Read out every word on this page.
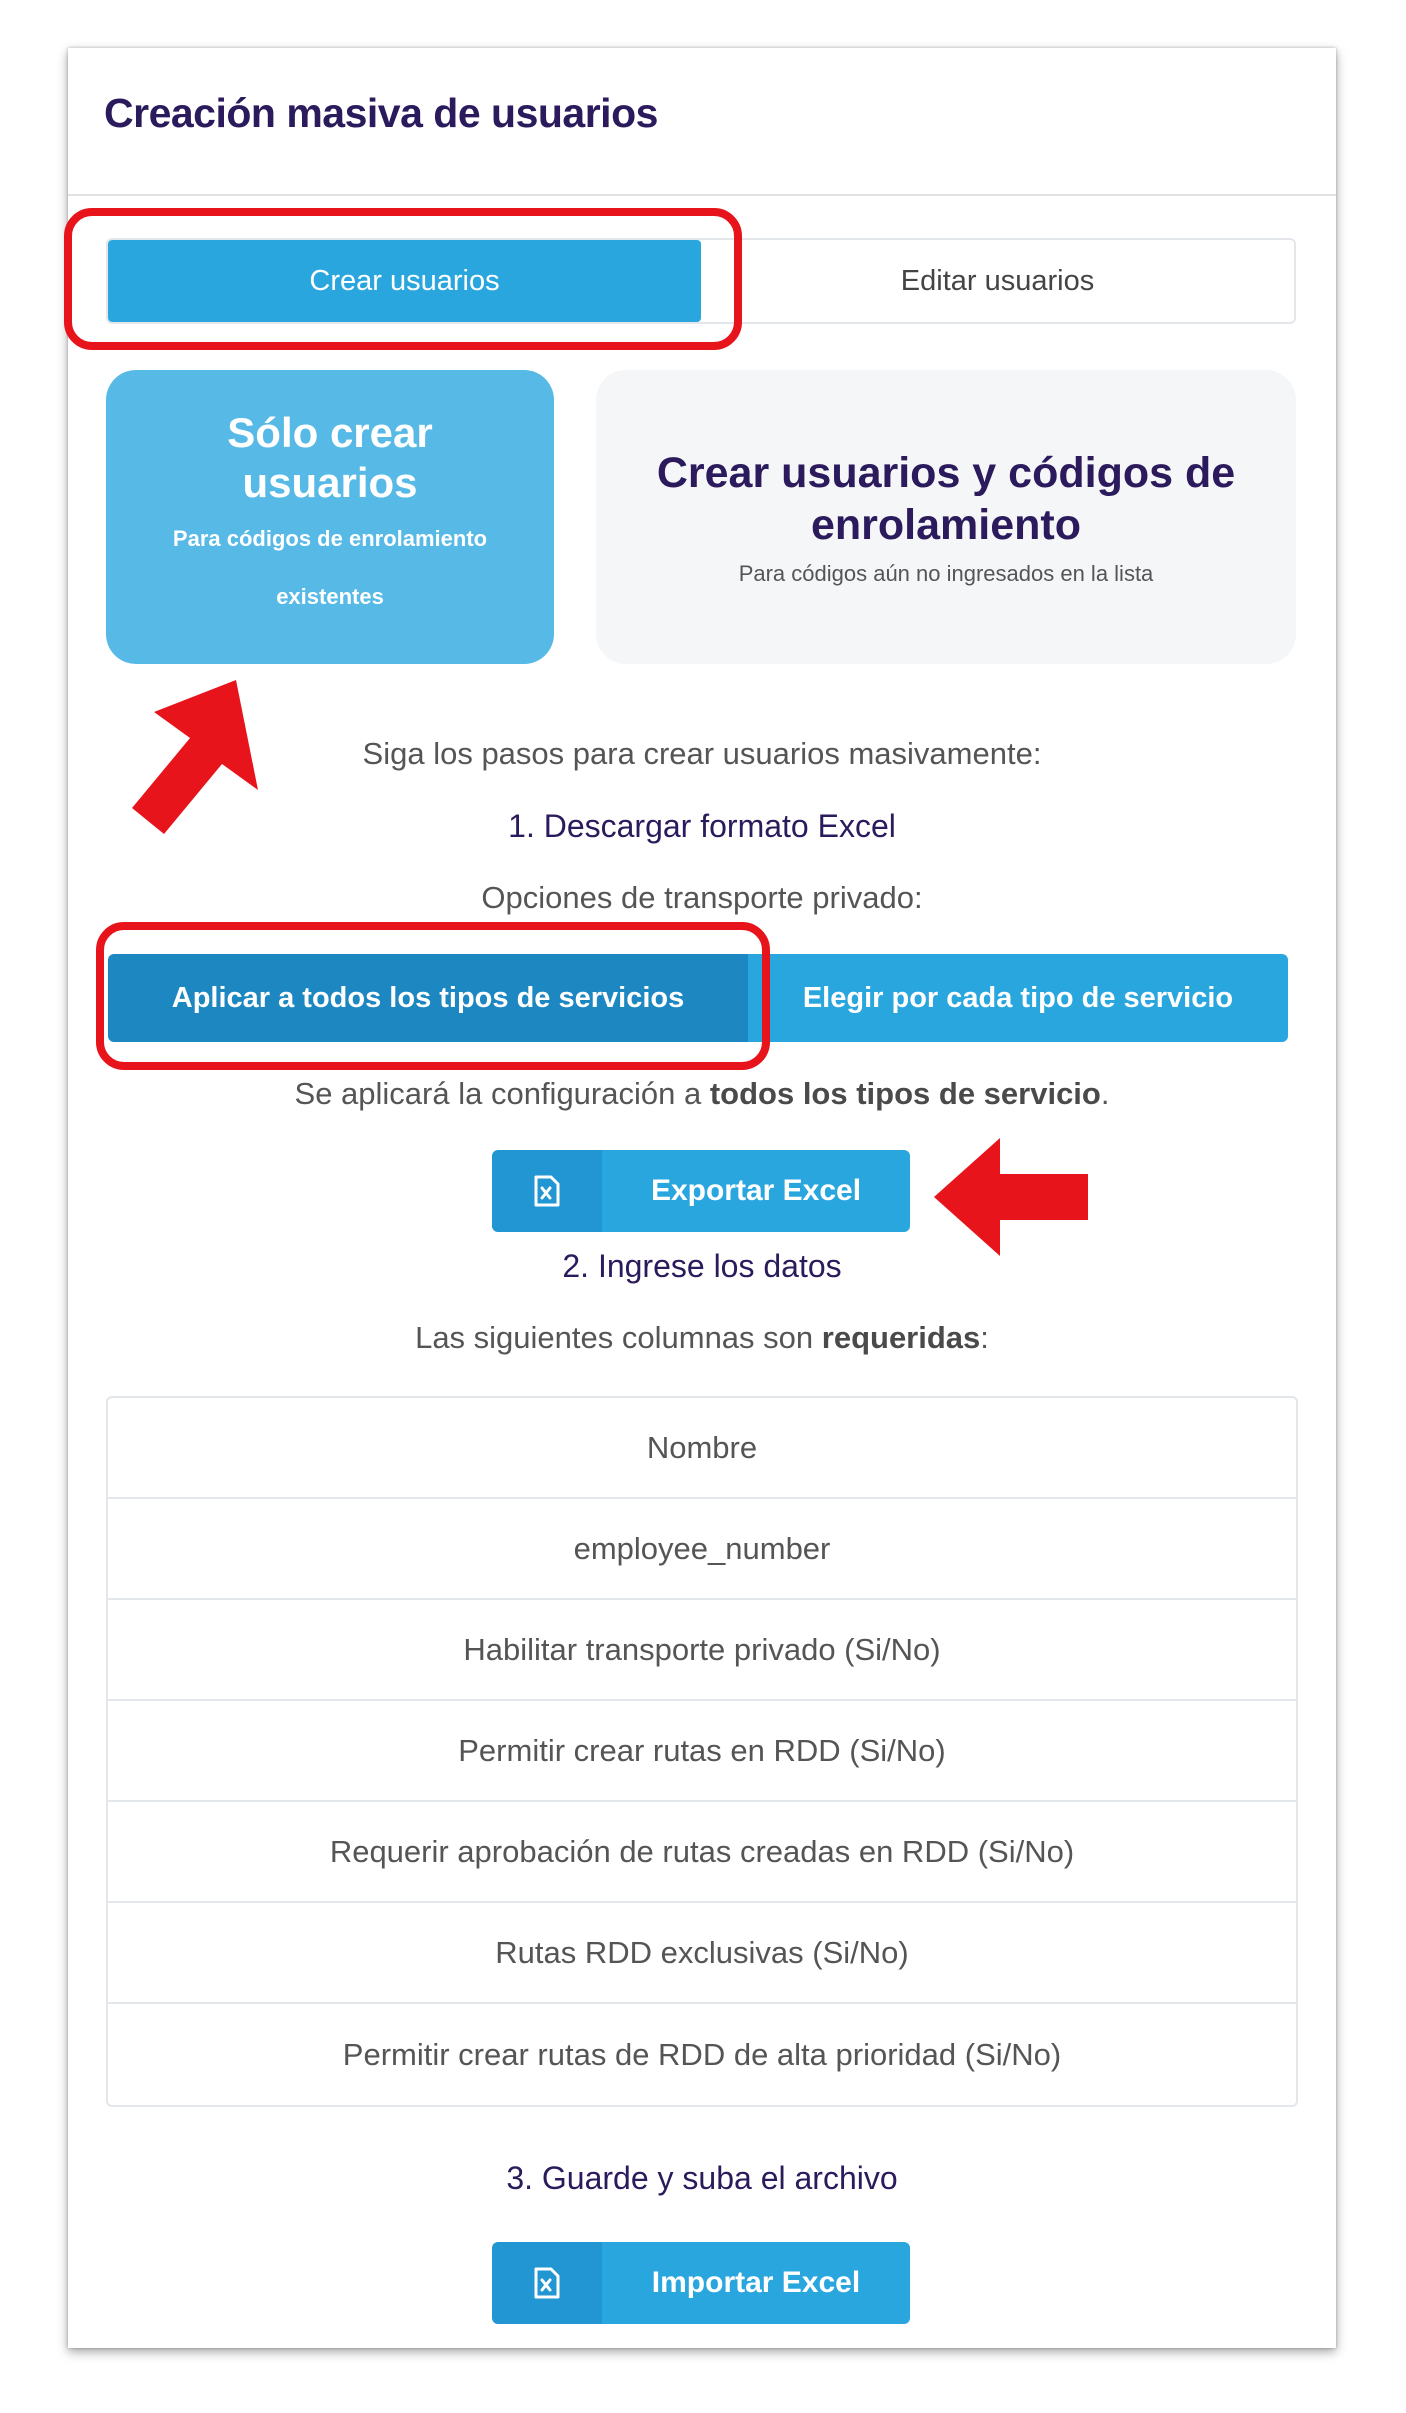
Creación masiva de usuarios
Crear usuarios	Editar usuarios
Sólo crear usuarios
Para códigos de enrolamiento existentes
Crear usuarios y códigos de enrolamiento
Para códigos aún no ingresados en la lista
Siga los pasos para crear usuarios masivamente:
1. Descargar formato Excel
Opciones de transporte privado:
Aplicar a todos los tipos de servicios	Elegir por cada tipo de servicio
Se aplicará la configuración a todos los tipos de servicio.
Exportar Excel
2. Ingrese los datos
Las siguientes columnas son requeridas:
Nombre
employee_number
Habilitar transporte privado (Si/No)
Permitir crear rutas en RDD (Si/No)
Requerir aprobación de rutas creadas en RDD (Si/No)
Rutas RDD exclusivas (Si/No)
Permitir crear rutas de RDD de alta prioridad (Si/No)
3. Guarde y suba el archivo
Importar Excel
